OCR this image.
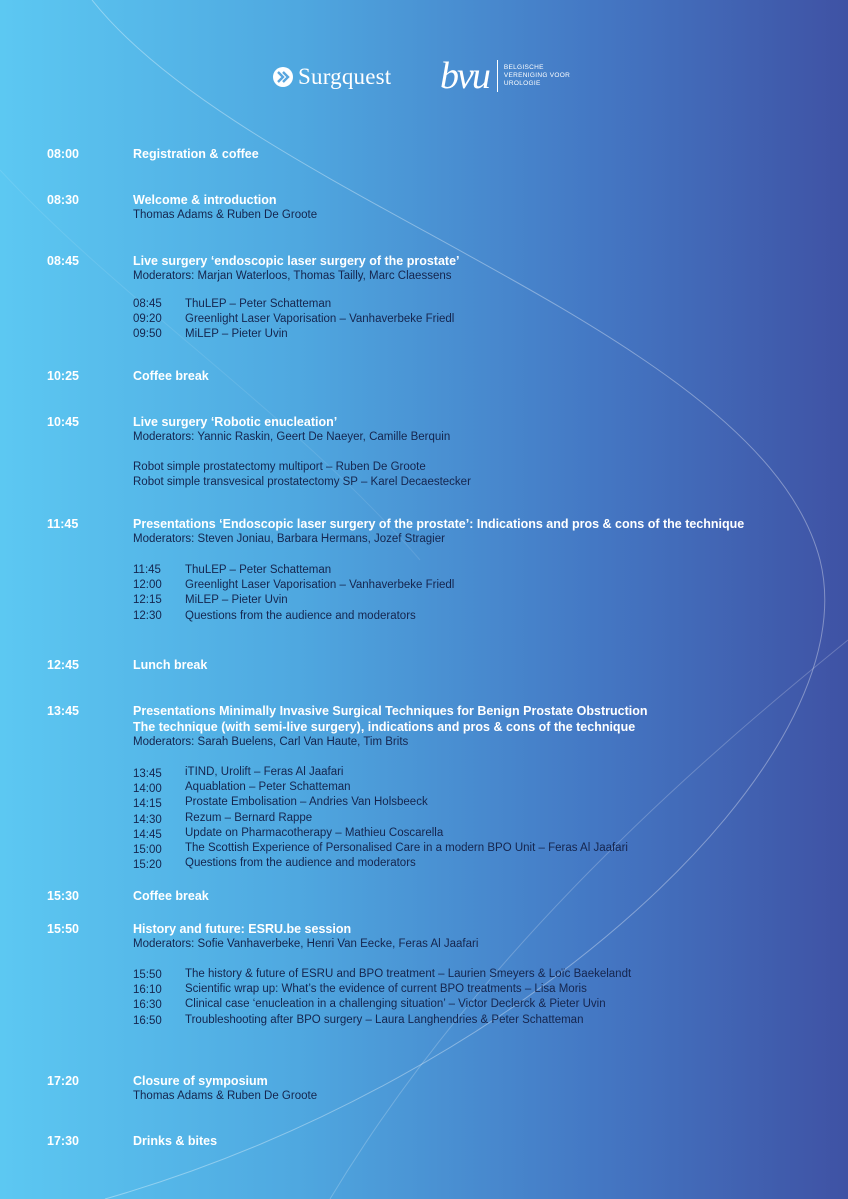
Surgquest bvu BELGISCHE
VERENIGING VOOR
UROLOGIE
08:00	Registration & coffee
08:30	Welcome & introduction
Thomas Adams & Ruben De Groote
08:45	Live surgery ‘endoscopic laser surgery of the prostate’
Moderators: Marjan Waterloos, Thomas Tailly, Marc Claessens
08:45 ThuLEP – Peter Schatteman
09:20 Greenlight Laser Vaporisation – Vanhaverbeke Friedl
09:50 MiLEP – Pieter Uvin
10:25	Coffee break
10:45	Live surgery ‘Robotic enucleation’
Moderators: Yannic Raskin, Geert De Naeyer, Camille Berquin
Robot simple prostatectomy multiport – Ruben De Groote
Robot simple transvesical prostatectomy SP – Karel Decaestecker
11:45	Presentations ‘Endoscopic laser surgery of the prostate’: Indications and pros & cons of the technique
Moderators: Steven Joniau, Barbara Hermans, Jozef Stragier
11:45 ThuLEP – Peter Schatteman
12:00 Greenlight Laser Vaporisation – Vanhaverbeke Friedl
12:15 MiLEP – Pieter Uvin
12:30 Questions from the audience and moderators
12:45	Lunch break
13:45	Presentations Minimally Invasive Surgical Techniques for Benign Prostate Obstruction
The technique (with semi-live surgery), indications and pros & cons of the technique
Moderators: Sarah Buelens, Carl Van Haute, Tim Brits
13:45 iTIND, Urolift – Feras Al Jaafari
14:00 Aquablation – Peter Schatteman
14:15 Prostate Embolisation – Andries Van Holsbeeck
14:30 Rezum – Bernard Rappe
14:45 Update on Pharmacotherapy – Mathieu Coscarella
15:00 The Scottish Experience of Personalised Care in a modern BPO Unit – Feras Al Jaafari
15:20 Questions from the audience and moderators
15:30	Coffee break
15:50	History and future: ESRU.be session
Moderators: Sofie Vanhaverbeke, Henri Van Eecke, Feras Al Jaafari
15:50 The history & future of ESRU and BPO treatment – Laurien Smeyers & Loïc Baekelandt
16:10 Scientific wrap up: What’s the evidence of current BPO treatments – Lisa Moris
16:30 Clinical case ‘enucleation in a challenging situation’ – Victor Declerck & Pieter Uvin
16:50 Troubleshooting after BPO surgery – Laura Langhendries & Peter Schatteman
17:20	Closure of symposium
Thomas Adams & Ruben De Groote
17:30	Drinks & bites
